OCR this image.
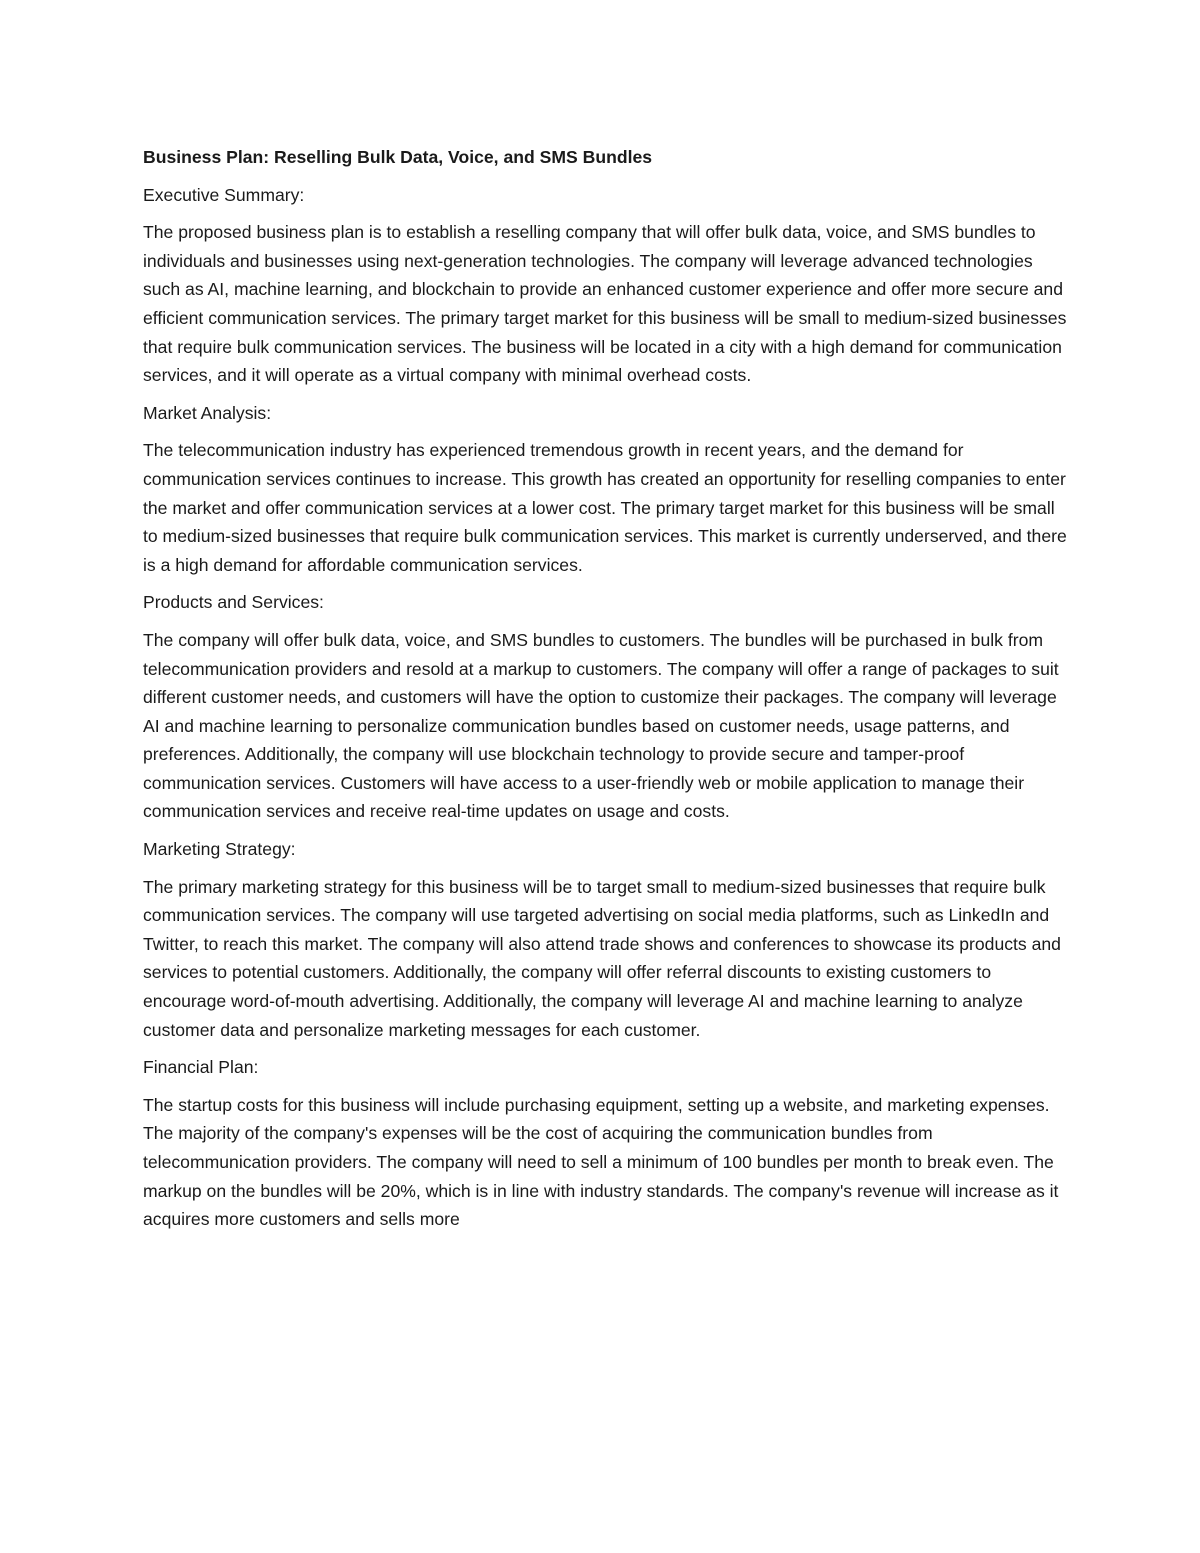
Business Plan: Reselling Bulk Data, Voice, and SMS Bundles
Executive Summary:
The proposed business plan is to establish a reselling company that will offer bulk data, voice, and SMS bundles to individuals and businesses using next-generation technologies. The company will leverage advanced technologies such as AI, machine learning, and blockchain to provide an enhanced customer experience and offer more secure and efficient communication services. The primary target market for this business will be small to medium-sized businesses that require bulk communication services. The business will be located in a city with a high demand for communication services, and it will operate as a virtual company with minimal overhead costs.
Market Analysis:
The telecommunication industry has experienced tremendous growth in recent years, and the demand for communication services continues to increase. This growth has created an opportunity for reselling companies to enter the market and offer communication services at a lower cost. The primary target market for this business will be small to medium-sized businesses that require bulk communication services. This market is currently underserved, and there is a high demand for affordable communication services.
Products and Services:
The company will offer bulk data, voice, and SMS bundles to customers. The bundles will be purchased in bulk from telecommunication providers and resold at a markup to customers. The company will offer a range of packages to suit different customer needs, and customers will have the option to customize their packages. The company will leverage AI and machine learning to personalize communication bundles based on customer needs, usage patterns, and preferences. Additionally, the company will use blockchain technology to provide secure and tamper-proof communication services. Customers will have access to a user-friendly web or mobile application to manage their communication services and receive real-time updates on usage and costs.
Marketing Strategy:
The primary marketing strategy for this business will be to target small to medium-sized businesses that require bulk communication services. The company will use targeted advertising on social media platforms, such as LinkedIn and Twitter, to reach this market. The company will also attend trade shows and conferences to showcase its products and services to potential customers. Additionally, the company will offer referral discounts to existing customers to encourage word-of-mouth advertising. Additionally, the company will leverage AI and machine learning to analyze customer data and personalize marketing messages for each customer.
Financial Plan:
The startup costs for this business will include purchasing equipment, setting up a website, and marketing expenses. The majority of the company's expenses will be the cost of acquiring the communication bundles from telecommunication providers. The company will need to sell a minimum of 100 bundles per month to break even. The markup on the bundles will be 20%, which is in line with industry standards. The company's revenue will increase as it acquires more customers and sells more
